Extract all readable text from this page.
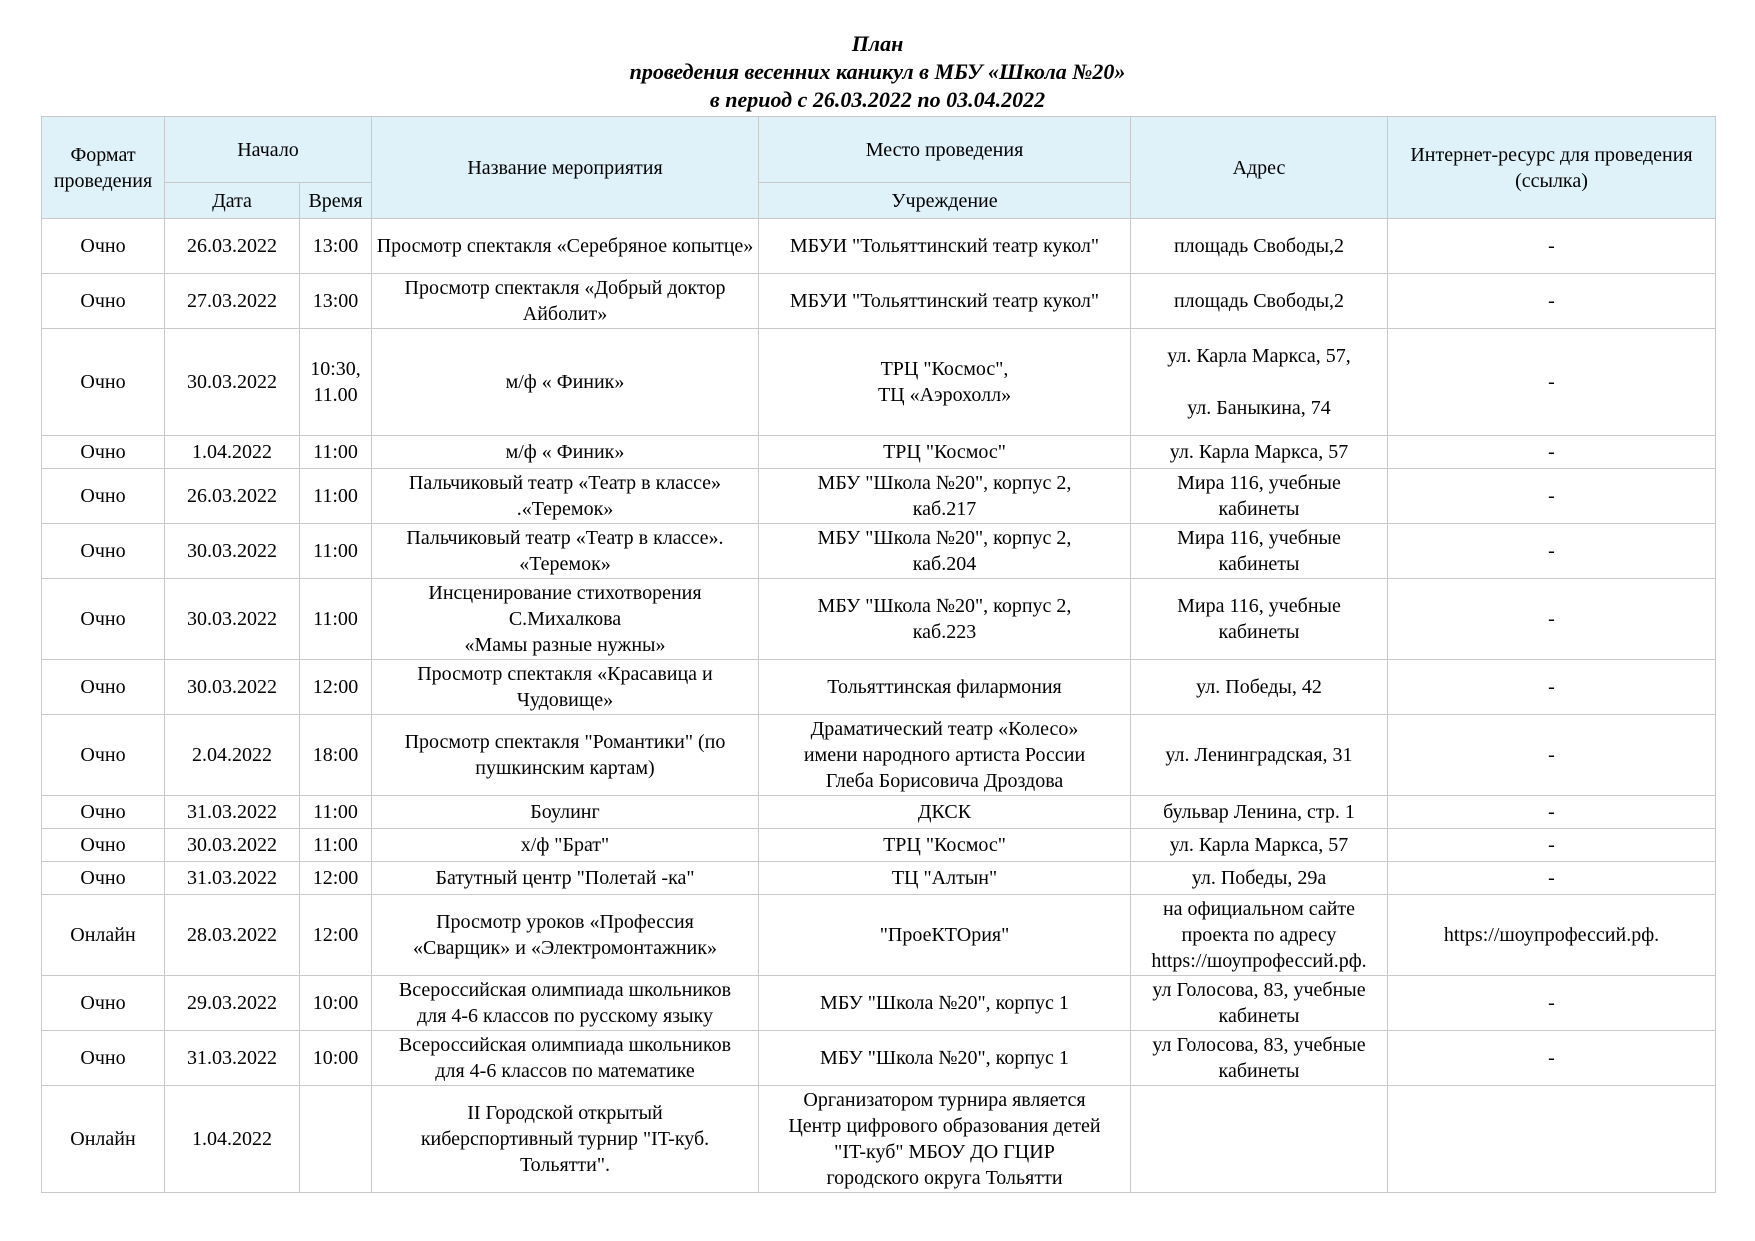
План
проведения весенних каникул в МБУ «Школа №20»
в период с 26.03.2022 по 03.04.2022
Формат проведения	Начало		Название мероприятия	Место проведения	Адрес	Интернет-ресурс для проведения (ссылка)
	Дата	Время		Учреждение		
Очно	26.03.2022	13:00	Просмотр спектакля «Серебряное копытце»	МБУИ "Тольяттинский театр кукол"	площадь Свободы,2	-
Очно	27.03.2022	13:00	Просмотр спектакля «Добрый доктор Айболит»	МБУИ "Тольяттинский театр кукол"	площадь Свободы,2	-
Очно	30.03.2022	10:30,
11.00	м/ф « Финик»	ТРЦ "Космос",
ТЦ «Аэрохолл»	ул. Карла Маркса, 57,

ул. Баныкина, 74	-
Очно	1.04.2022	11:00	м/ф « Финик»	ТРЦ "Космос"	ул. Карла Маркса, 57	-
Очно	26.03.2022	11:00	Пальчиковый театр «Театр в классе»
.«Теремок»	МБУ "Школа №20", корпус 2,
каб.217	Мира 116, учебные
кабинеты	-
Очно	30.03.2022	11:00	Пальчиковый театр «Театр в классе».
«Теремок»	МБУ "Школа №20", корпус 2,
каб.204	Мира 116, учебные
кабинеты	-
Очно	30.03.2022	11:00	Инсценирование стихотворения
С.Михалкова
«Мамы разные нужны»	МБУ "Школа №20", корпус 2,
каб.223	Мира 116, учебные
кабинеты	-
Очно	30.03.2022	12:00	Просмотр спектакля «Красавица и
Чудовище»	Тольяттинская филармония	ул. Победы, 42	-
Очно	2.04.2022	18:00	Просмотр спектакля "Романтики" (по
пушкинским картам)	Драматический театр «Колесо»
имени народного артиста России
Глеба Борисовича Дроздова	ул. Ленинградская, 31	-
Очно	31.03.2022	11:00	Боулинг	ДКСК	бульвар Ленина, стр. 1	-
Очно	30.03.2022	11:00	х/ф "Брат"	ТРЦ "Космос"	ул. Карла Маркса, 57	-
Очно	31.03.2022	12:00	Батутный центр "Полетай -ка"	ТЦ "Алтын"	ул. Победы, 29а	-
Онлайн	28.03.2022	12:00	Просмотр уроков «Профессия
«Сварщик» и «Электромонтажник»	"ПроеКТОрия"	на официальном сайте
проекта по адресу
https://шоупрофессий.рф.	https://шоупрофессий.рф.
Очно	29.03.2022	10:00	Всероссийская олимпиада школьников
для 4-6 классов по русскому языку	МБУ "Школа №20", корпус 1	ул Голосова, 83, учебные
кабинеты	-
Очно	31.03.2022	10:00	Всероссийская олимпиада школьников
для 4-6 классов по математике	МБУ "Школа №20", корпус 1	ул Голосова, 83, учебные
кабинеты	-
Онлайн	1.04.2022		II Городской открытый
киберспортивный турнир "IT-куб.
Тольятти".	Организатором турнира является
Центр цифрового образования детей
"IT-куб" МБОУ ДО ГЦИР
городского округа Тольятти		
